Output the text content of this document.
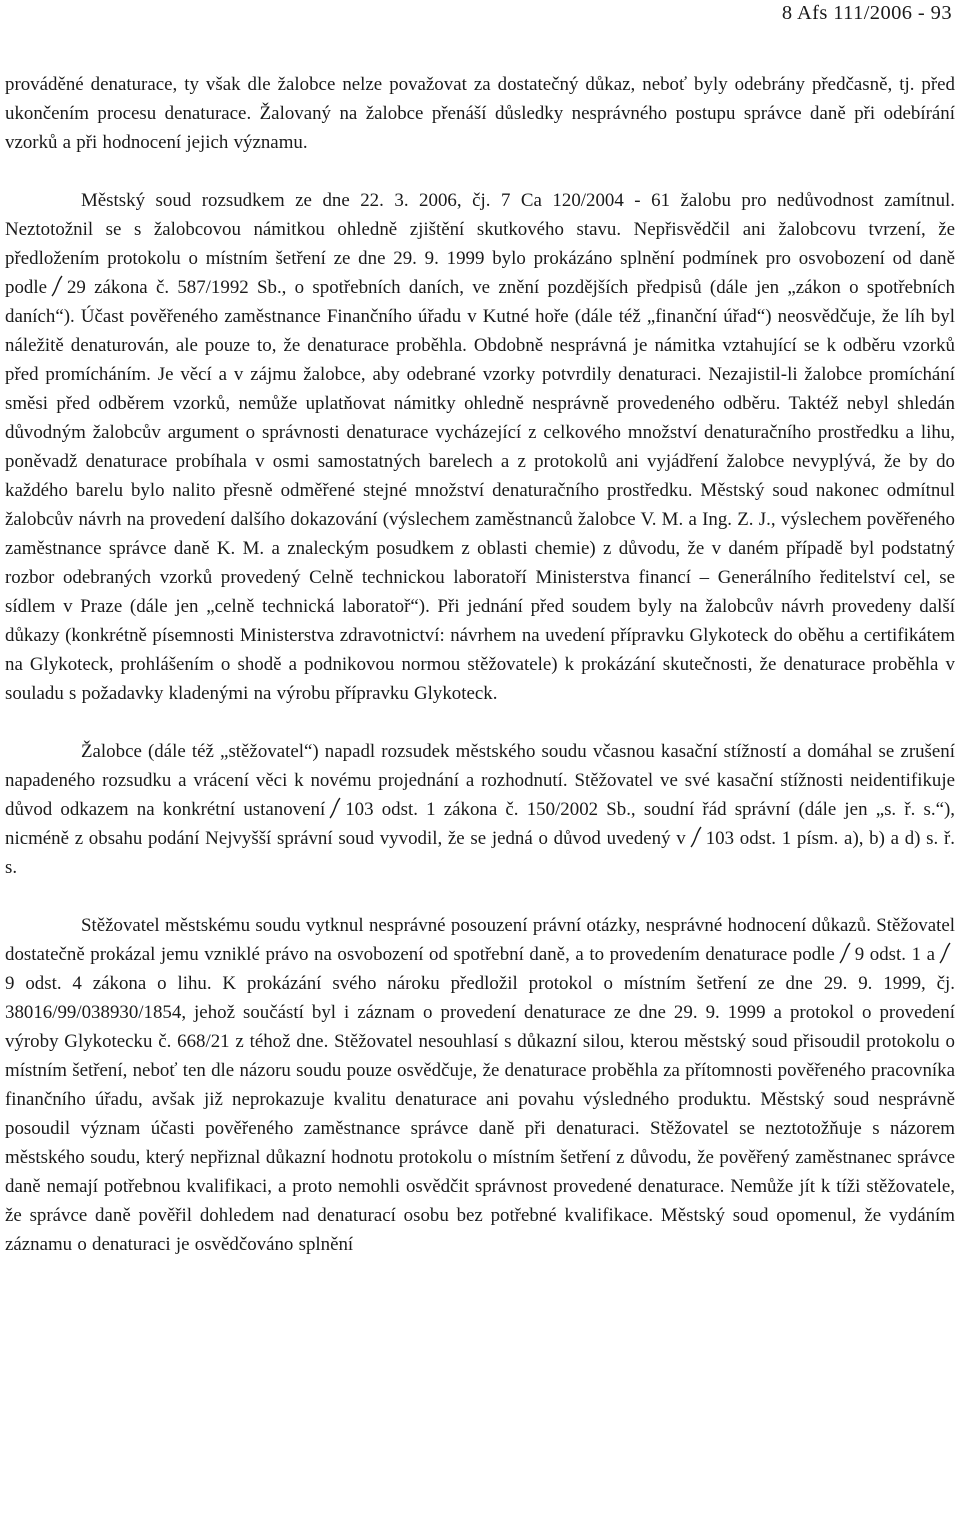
8 Afs 111/2006 - 93

prováděné denaturace, ty však dle žalobce nelze považovat za dostatečný důkaz, neboť byly odebrány předčasně, tj. před ukončením procesu denaturace. Žalovaný na žalobce přenáší důsledky nesprávného postupu správce daně při odebírání vzorků a při hodnocení jejich významu.

Městský soud rozsudkem ze dne 22. 3. 2006, čj. 7 Ca 120/2004 - 61 žalobu pro nedůvodnost zamítnul. Neztotožnil se s žalobcovou námitkou ohledně zjištění skutkového stavu. Nepřisvědčil ani žalobcovu tvrzení, že předložením protokolu o místním šetření ze dne 29. 9. 1999 bylo prokázáno splnění podmínek pro osvobození od daně podle 29 zákona č. 587/1992 Sb., o spotřebních daních, ve znění pozdějších předpisů (dále jen „zákon o spotřebních daních“). Účast pověřeného zaměstnance Finančního úřadu v Kutné hoře (dále též „finanční úřad“) neosvědčuje, že líh byl náležitě denaturován, ale pouze to, že denaturace proběhla. Obdobně nesprávná je námitka vztahující se k odběru vzorků před promícháním. Je věcí a v zájmu žalobce, aby odebrané vzorky potvrdily denaturaci. Nezajistil-li žalobce promíchání směsi před odběrem vzorků, nemůže uplatňovat námitky ohledně nesprávně provedeného odběru. Taktéž nebyl shledán důvodným žalobcův argument o správnosti denaturace vycházející z celkového množství denaturačního prostředku a lihu, poněvadž denaturace probíhala v osmi samostatných barelech a z protokolů ani vyjádření žalobce nevyplývá, že by do každého barelu bylo nalito přesně odměřené stejné množství denaturačního prostředku. Městský soud nakonec odmítnul žalobcův návrh na provedení dalšího dokazování (výslechem zaměstnanců žalobce V. M. a Ing. Z. J., výslechem pověřeného zaměstnance správce daně K. M. a znaleckým posudkem z oblasti chemie) z důvodu, že v daném případě byl podstatný rozbor odebraných vzorků provedený Celně technickou laboratoří Ministerstva financí – Generálního ředitelství cel, se sídlem v Praze (dále jen „celně technická laboratoř“). Při jednání před soudem byly na žalobcův návrh provedeny další důkazy (konkrétně písemnosti Ministerstva zdravotnictví: návrhem na uvedení přípravku Glykoteck do oběhu a certifikátem na Glykoteck, prohlášením o shodě a podnikovou normou stěžovatele) k prokázání skutečnosti, že denaturace proběhla v souladu s požadavky kladenými na výrobu přípravku Glykoteck.

Žalobce (dále též „stěžovatel“) napadl rozsudek městského soudu včasnou kasační stížností a domáhal se zrušení napadeného rozsudku a vrácení věci k novému projednání a rozhodnutí. Stěžovatel ve své kasační stížnosti neidentifikuje důvod odkazem na konkrétní ustanovení 103 odst. 1 zákona č. 150/2002 Sb., soudní řád správní (dále jen „s. ř. s.“), nicméně z obsahu podání Nejvyšší správní soud vyvodil, že se jedná o důvod uvedený v 103 odst. 1 písm. a), b) a d) s. ř. s.

Stěžovatel městskému soudu vytknul nesprávné posouzení právní otázky, nesprávné hodnocení důkazů. Stěžovatel dostatečně prokázal jemu vzniklé právo na osvobození od spotřební daně, a to provedením denaturace podle 9 odst. 1 a
9 odst. 4 zákona o lihu. K prokázání svého nároku předložil protokol o místním šetření ze dne 29. 9. 1999, čj. 38016/99/038930/1854, jehož součástí byl i záznam o provedení denaturace ze dne 29. 9. 1999 a protokol o provedení výroby Glykotecku č. 668/21 z téhož dne. Stěžovatel nesouhlasí s důkazní silou, kterou městský soud přisoudil protokolu o místním šetření, neboť ten dle názoru soudu pouze osvědčuje, že denaturace proběhla za přítomnosti pověřeného pracovníka finančního úřadu, avšak již neprokazuje kvalitu denaturace ani povahu výsledného produktu. Městský soud nesprávně posoudil význam účasti pověřeného zaměstnance správce daně při denaturaci. Stěžovatel se neztotožňuje s názorem městského soudu, který nepřiznal důkazní hodnotu protokolu o místním šetření z důvodu, že pověřený zaměstnanec správce daně nemají potřebnou kvalifikaci, a proto nemohli osvědčit správnost provedené denaturace. Nemůže jít k tíži stěžovatele, že správce daně pověřil dohledem nad denaturací osobu bez potřebné kvalifikace. Městský soud opomenul, že vydáním záznamu o denaturaci je osvědčováno splnění
